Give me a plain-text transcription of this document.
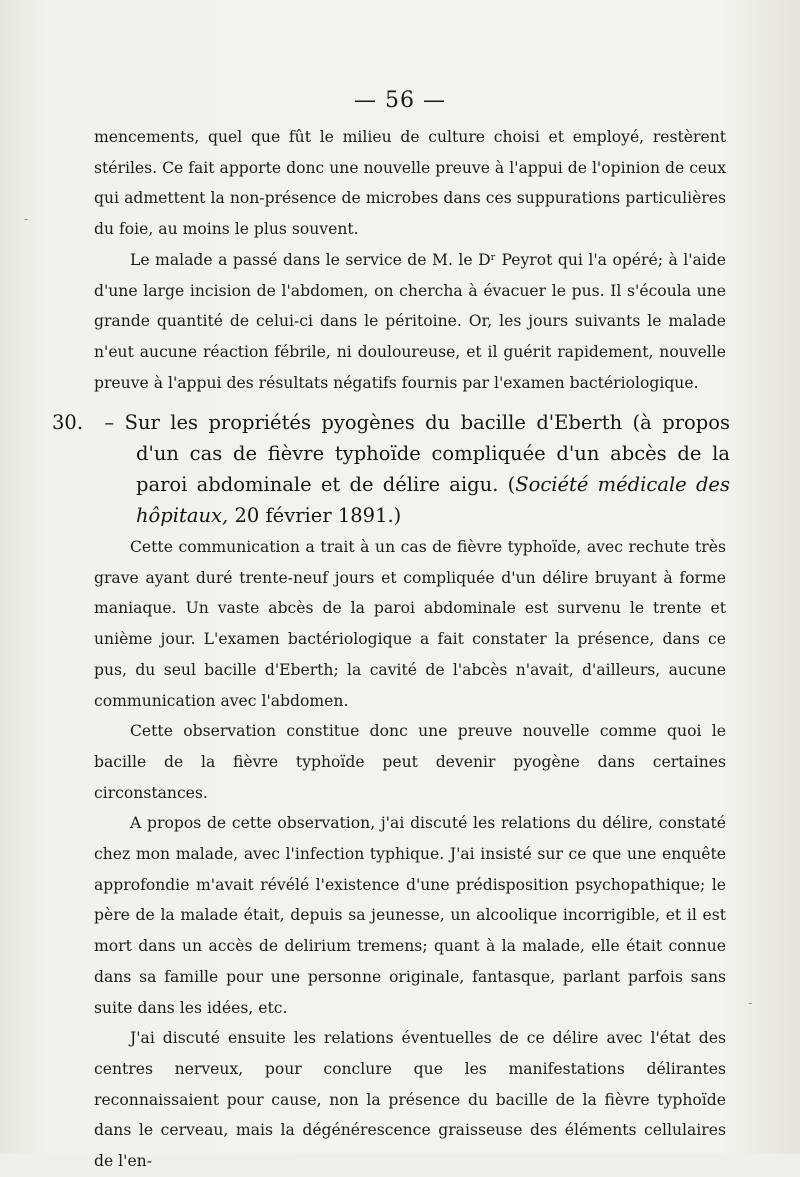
— 56 —

mencements, quel que fût le milieu de culture choisi et employé, restèrent stériles. Ce fait apporte donc une nouvelle preuve à l'appui de l'opinion de ceux qui admettent la non-présence de microbes dans ces suppurations particulières du foie, au moins le plus souvent.

Le malade a passé dans le service de M. le Dʳ Peyrot qui l'a opéré; à l'aide d'une large incision de l'abdomen, on chercha à évacuer le pus. Il s'écoula une grande quantité de celui-ci dans le péritoine. Or, les jours suivants le malade n'eut aucune réaction fébrile, ni douloureuse, et il guérit rapidement, nouvelle preuve à l'appui des résultats négatifs fournis par l'examen bactériologique.

30. – Sur les propriétés pyogènes du bacille d'Eberth (à propos d'un cas de fièvre typhoïde compliquée d'un abcès de la paroi abdominale et de délire aigu. (Société médicale des hôpitaux, 20 février 1891.)

Cette communication a trait à un cas de fièvre typhoïde, avec rechute très grave ayant duré trente-neuf jours et compliquée d'un délire bruyant à forme maniaque. Un vaste abcès de la paroi abdominale est survenu le trente et unième jour. L'examen bactériologique a fait constater la présence, dans ce pus, du seul bacille d'Eberth; la cavité de l'abcès n'avait, d'ailleurs, aucune communication avec l'abdomen.

Cette observation constitue donc une preuve nouvelle comme quoi le bacille de la fièvre typhoïde peut devenir pyogène dans certaines circonstances.

A propos de cette observation, j'ai discuté les relations du délire, constaté chez mon malade, avec l'infection typhique. J'ai insisté sur ce que une enquête approfondie m'avait révélé l'existence d'une prédisposition psychopathique; le père de la malade était, depuis sa jeunesse, un alcoolique incorrigible, et il est mort dans un accès de delirium tremens; quant à la malade, elle était connue dans sa famille pour une personne originale, fantasque, parlant parfois sans suite dans les idées, etc.

J'ai discuté ensuite les relations éventuelles de ce délire avec l'état des centres nerveux, pour conclure que les manifestations délirantes reconnaissaient pour cause, non la présence du bacille de la fièvre typhoïde dans le cerveau, mais la dégénérescence graisseuse des éléments cellulaires de l'en-

-
-
